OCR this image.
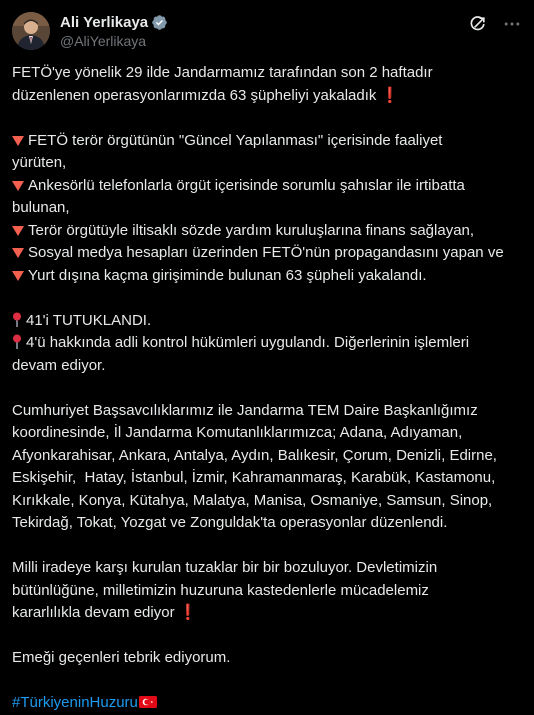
Ali Yerlikaya
@AliYerlikaya
FETÖ'ye yönelik 29 ilde Jandarmamız tarafından son 2 haftadır
düzenlenen operasyonlarımızda 63 şüpheliyi yakaladık ❗
FETÖ terör örgütünün "Güncel Yapılanması" içerisinde faaliyet
yürüten,
Ankesörlü telefonlarla örgüt içerisinde sorumlu şahıslar ile irtibatta
bulunan,
Terör örgütüyle iltisaklı sözde yardım kuruluşlarına finans sağlayan,
Sosyal medya hesapları üzerinden FETÖ'nün propagandasını yapan ve
Yurt dışına kaçma girişiminde bulunan 63 şüpheli yakalandı.
41'i TUTUKLANDI.
4'ü hakkında adli kontrol hükümleri uygulandı. Diğerlerinin işlemleri
devam ediyor.
Cumhuriyet Başsavcılıklarımız ile Jandarma TEM Daire Başkanlığımız
koordinesinde, İl Jandarma Komutanlıklarımızca; Adana, Adıyaman,
Afyonkarahisar, Ankara, Antalya, Aydın, Balıkesir, Çorum, Denizli, Edirne,
Eskişehir,  Hatay, İstanbul, İzmir, Kahramanmaraş, Karabük, Kastamonu,
Kırıkkale, Konya, Kütahya, Malatya, Manisa, Osmaniye, Samsun, Sinop,
Tekirdağ, Tokat, Yozgat ve Zonguldak'ta operasyonlar düzenlendi.
Milli iradeye karşı kurulan tuzaklar bir bir bozuluyor. Devletimizin
bütünlüğüne, milletimizin huzuruna kastedenlerle mücadelemiz
kararlılıkla devam ediyor ❗
Emeği geçenleri tebrik ediyorum.
#TürkiyeninHuzuru
